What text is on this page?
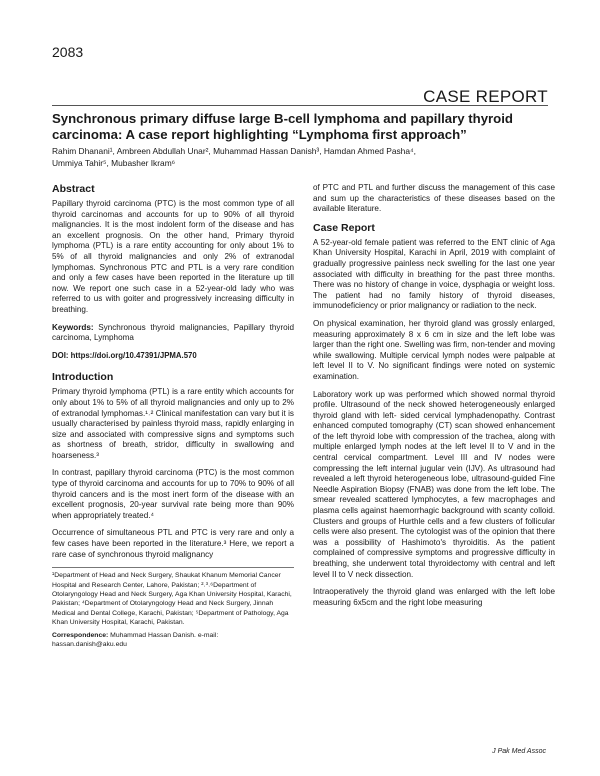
2083
CASE REPORT
Synchronous primary diffuse large B-cell lymphoma and papillary thyroid carcinoma: A case report highlighting “Lymphoma first approach”
Rahim Dhanani¹, Ambreen Abdullah Unar², Muhammad Hassan Danish³, Hamdan Ahmed Pasha⁴,
Ummiya Tahir⁵, Mubasher Ikram⁶
Abstract

Papillary thyroid carcinoma (PTC) is the most common type of all thyroid carcinomas and accounts for up to 90% of all thyroid malignancies. It is the most indolent form of the disease and has an excellent prognosis. On the other hand, Primary thyroid lymphoma (PTL) is a rare entity accounting for only about 1% to 5% of all thyroid malignancies and only 2% of extranodal lymphomas. Synchronous PTC and PTL is a very rare condition and only a few cases have been reported in the literature up till now. We report one such case in a 52-year-old lady who was referred to us with goiter and progressively increasing difficulty in breathing.

Keywords: Synchronous thyroid malignancies, Papillary thyroid carcinoma, Lymphoma

DOI: https://doi.org/10.47391/JPMA.570

Introduction

Primary thyroid lymphoma (PTL) is a rare entity which accounts for only about 1% to 5% of all thyroid malignancies and only up to 2% of extranodal lymphomas.¹˒² Clinical manifestation can vary but it is usually characterised by painless thyroid mass, rapidly enlarging in size and associated with compressive signs and symptoms such as shortness of breath, stridor, difficulty in swallowing and hoarseness.³

In contrast, papillary thyroid carcinoma (PTC) is the most common type of thyroid carcinoma and accounts for up to 70% to 90% of all thyroid cancers and is the most inert form of the disease with an excellent prognosis, 20-year survival rate being more than 90% when appropriately treated.⁴

Occurrence of simultaneous PTL and PTC is very rare and only a few cases have been reported in the literature.³ Here, we report a rare case of synchronous thyroid malignancy

¹Department of Head and Neck Surgery, Shaukat Khanum Memorial Cancer Hospital and Research Center, Lahore, Pakistan; ²˒³˒⁶Department of Otolaryngology Head and Neck Surgery, Aga Khan University Hospital, Karachi, Pakistan; ⁴Department of Otolaryngology Head and Neck Surgery, Jinnah Medical and Dental College, Karachi, Pakistan; ⁵Department of Pathology, Aga Khan University Hospital, Karachi, Pakistan.

Correspondence: Muhammad Hassan Danish. e-mail: hassan.danish@aku.edu

of PTC and PTL and further discuss the management of this case and sum up the characteristics of these diseases based on the available literature.

Case Report

A 52-year-old female patient was referred to the ENT clinic of Aga Khan University Hospital, Karachi in April, 2019 with complaint of gradually progressive painless neck swelling for the last one year associated with difficulty in breathing for the past three months. There was no history of change in voice, dysphagia or weight loss. The patient had no family history of thyroid diseases, immunodeficiency or prior malignancy or radiation to the neck.

On physical examination, her thyroid gland was grossly enlarged, measuring approximately 8 x 6 cm in size and the left lobe was larger than the right one. Swelling was firm, non-tender and moving while swallowing. Multiple cervical lymph nodes were palpable at left level II to V. No significant findings were noted on systemic examination.

Laboratory work up was performed which showed normal thyroid profile. Ultrasound of the neck showed heterogeneously enlarged thyroid gland with left- sided cervical lymphadenopathy. Contrast enhanced computed tomography (CT) scan showed enhancement of the left thyroid lobe with compression of the trachea, along with multiple enlarged lymph nodes at the left level II to V and in the central cervical compartment. Level III and IV nodes were compressing the left internal jugular vein (IJV). As ultrasound had revealed a left thyroid heterogeneous lobe, ultrasound-guided Fine Needle Aspiration Biopsy (FNAB) was done from the left lobe. The smear revealed scattered lymphocytes, a few macrophages and plasma cells against haemorrhagic background with scanty colloid. Clusters and groups of Hurthle cells and a few clusters of follicular cells were also present. The cytologist was of the opinion that there was a possibility of Hashimoto's thyroiditis. As the patient complained of compressive symptoms and progressive difficulty in breathing, she underwent total thyroidectomy with central and left level II to V neck dissection.

Intraoperatively the thyroid gland was enlarged with the left lobe measuring 6x5cm and the right lobe measuring

J Pak Med Assoc
